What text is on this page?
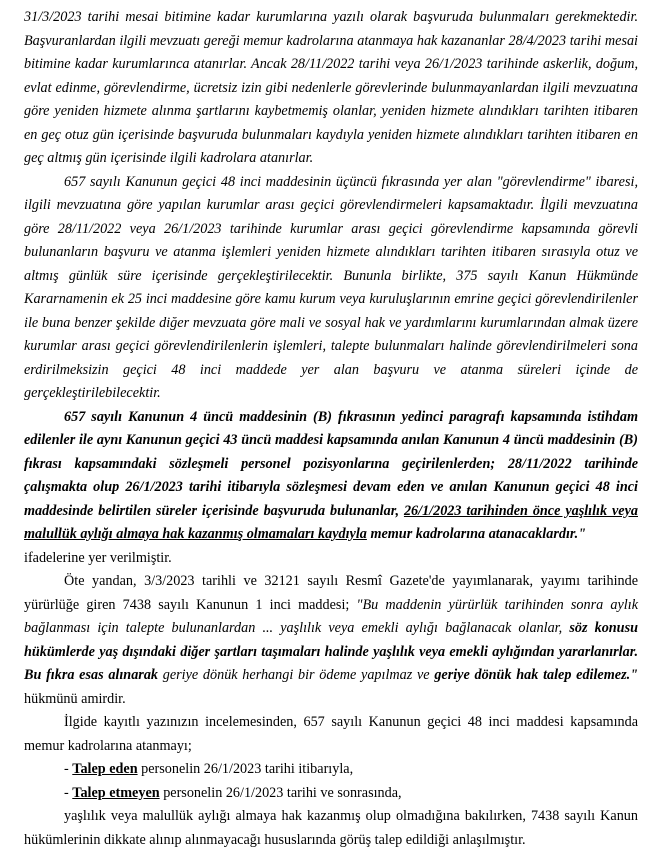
31/3/2023 tarihi mesai bitimine kadar kurumlarına yazılı olarak başvuruda bulunmaları gerekmektedir. Başvuranlardan ilgili mevzuatı gereği memur kadrolarına atanmaya hak kazananlar 28/4/2023 tarihi mesai bitimine kadar kurumlarınca atanırlar. Ancak 28/11/2022 tarihi veya 26/1/2023 tarihinde askerlik, doğum, evlat edinme, görevlendirme, ücretsiz izin gibi nedenlerle görevlerinde bulunmayanlardan ilgili mevzuatına göre yeniden hizmete alınma şartlarını kaybetmemiş olanlar, yeniden hizmete alındıkları tarihten itibaren en geç otuz gün içerisinde başvuruda bulunmaları kaydıyla yeniden hizmete alındıkları tarihten itibaren en geç altmış gün içerisinde ilgili kadrolara atanırlar.

657 sayılı Kanunun geçici 48 inci maddesinin üçüncü fıkrasında yer alan "görevlendirme" ibaresi, ilgili mevzuatına göre yapılan kurumlar arası geçici görevlendirmeleri kapsamaktadır. İlgili mevzuatına göre 28/11/2022 veya 26/1/2023 tarihinde kurumlar arası geçici görevlendirme kapsamında görevli bulunanların başvuru ve atanma işlemleri yeniden hizmete alındıkları tarihten itibaren sırasıyla otuz ve altmış günlük süre içerisinde gerçekleştirilecektir. Bununla birlikte, 375 sayılı Kanun Hükmünde Kararnamenin ek 25 inci maddesine göre kamu kurum veya kuruluşlarının emrine geçici görevlendirilenler ile buna benzer şekilde diğer mevzuata göre mali ve sosyal hak ve yardımlarını kurumlarından almak üzere kurumlar arası geçici görevlendirilenlerin işlemleri, talepte bulunmaları halinde görevlendirilmeleri sona erdirilmeksizin geçici 48 inci maddede yer alan başvuru ve atanma süreleri içinde de gerçekleştirilebilecektir.

657 sayılı Kanunun 4 üncü maddesinin (B) fıkrasının yedinci paragrafı kapsamında istihdam edilenler ile aynı Kanunun geçici 43 üncü maddesi kapsamında anılan Kanunun 4 üncü maddesinin (B) fıkrası kapsamındaki sözleşmeli personel pozisyonlarına geçirilenlerden; 28/11/2022 tarihinde çalışmakta olup 26/1/2023 tarihi itibarıyla sözleşmesi devam eden ve anılan Kanunun geçici 48 inci maddesinde belirtilen süreler içerisinde başvuruda bulunanlar, 26/1/2023 tarihinden önce yaşlılık veya malullük aylığı almaya hak kazanmış olmamaları kaydıyla memur kadrolarına atanacaklardır."

ifadelerine yer verilmiştir.

Öte yandan, 3/3/2023 tarihli ve 32121 sayılı Resmî Gazete'de yayımlanarak, yayımı tarihinde yürürlüğe giren 7438 sayılı Kanunun 1 inci maddesi; "Bu maddenin yürürlük tarihinden sonra aylık bağlanması için talepte bulunanlardan ... yaşlılık veya emekli aylığı bağlanacak olanlar, söz konusu hükümlerde yaş dışındaki diğer şartları taşımaları halinde yaşlılık veya emekli aylığından yararlanırlar. Bu fıkra esas alınarak geriye dönük herhangi bir ödeme yapılmaz ve geriye dönük hak talep edilemez." hükmünü amirdir.

İlgide kayıtlı yazınızın incelemesinden, 657 sayılı Kanunun geçici 48 inci maddesi kapsamında memur kadrolarına atanmayı;

- Talep eden personelin 26/1/2023 tarihi itibarıyla,

- Talep etmeyen personelin 26/1/2023 tarihi ve sonrasında,

yaşlılık veya malullük aylığı almaya hak kazanmış olup olmadığına bakılırken, 7438 sayılı Kanun hükümlerinin dikkate alınıp alınmayacağı hususlarında görüş talep edildiği anlaşılmıştır.
